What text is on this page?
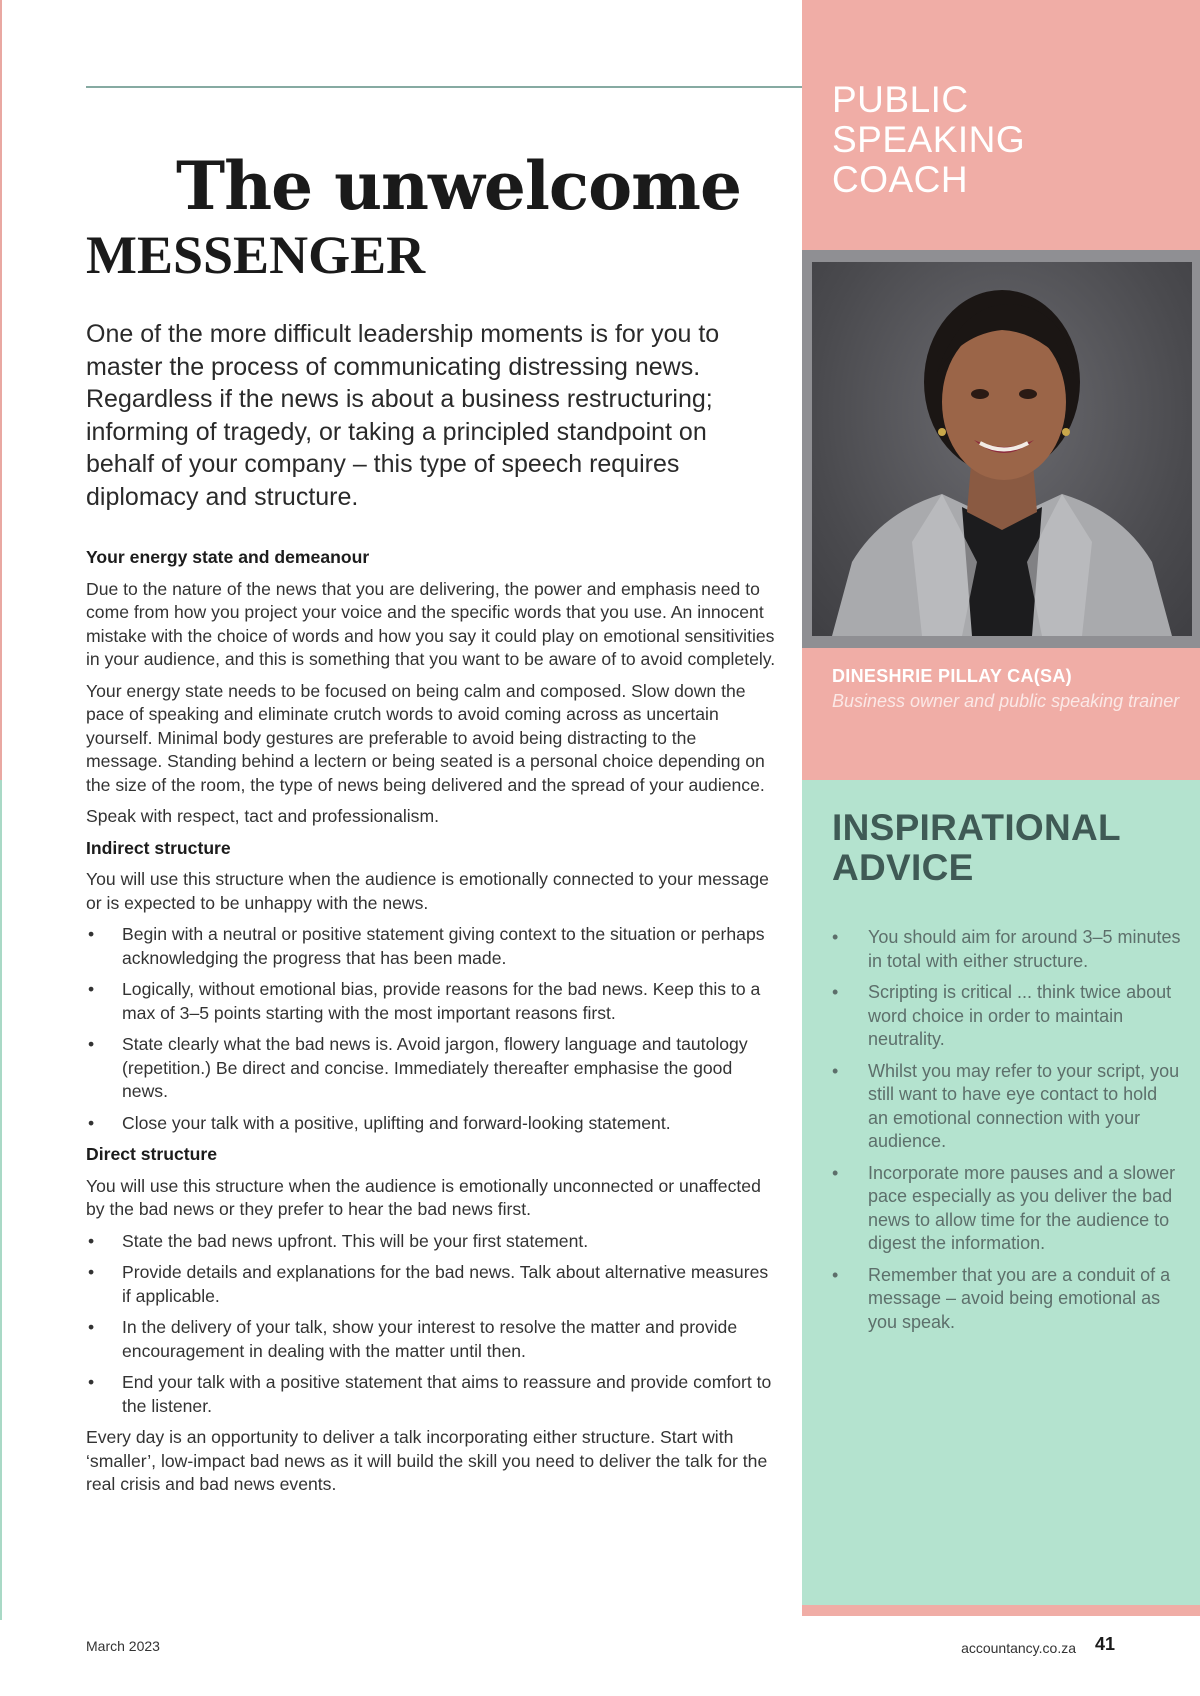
The unwelcome
MESSENGER

One of the more difficult leadership moments is for you to master the process of communicating distressing news. Regardless if the news is about a business restructuring; informing of tragedy, or taking a principled standpoint on behalf of your company – this type of speech requires diplomacy and structure.

Your energy state and demeanour

Due to the nature of the news that you are delivering, the power and emphasis need to come from how you project your voice and the specific words that you use. An innocent mistake with the choice of words and how you say it could play on emotional sensitivities in your audience, and this is something that you want to be aware of to avoid completely.

Your energy state needs to be focused on being calm and composed. Slow down the pace of speaking and eliminate crutch words to avoid coming across as uncertain yourself. Minimal body gestures are preferable to avoid being distracting to the message. Standing behind a lectern or being seated is a personal choice depending on the size of the room, the type of news being delivered and the spread of your audience.

Speak with respect, tact and professionalism.

Indirect structure

You will use this structure when the audience is emotionally connected to your message or is expected to be unhappy with the news.

• Begin with a neutral or positive statement giving context to the situation or perhaps acknowledging the progress that has been made.
• Logically, without emotional bias, provide reasons for the bad news. Keep this to a max of 3–5 points starting with the most important reasons first.
• State clearly what the bad news is. Avoid jargon, flowery language and tautology (repetition.) Be direct and concise. Immediately thereafter emphasise the good news.
• Close your talk with a positive, uplifting and forward-looking statement.
Direct structure

You will use this structure when the audience is emotionally unconnected or unaffected by the bad news or they prefer to hear the bad news first.

• State the bad news upfront. This will be your first statement.
• Provide details and explanations for the bad news. Talk about alternative measures if applicable.
• In the delivery of your talk, show your interest to resolve the matter and provide encouragement in dealing with the matter until then.
• End your talk with a positive statement that aims to reassure and provide comfort to the listener.

Every day is an opportunity to deliver a talk incorporating either structure. Start with ‘smaller’, low-impact bad news as it will build the skill you need to deliver the talk for the real crisis and bad news events.

PUBLIC SPEAKING COACH
DINESHRIE PILLAY CA(SA)
Business owner and public speaking trainer
INSPIRATIONAL ADVICE
• You should aim for around 3–5 minutes in total with either structure.
• Scripting is critical ... think twice about word choice in order to maintain neutrality.
• Whilst you may refer to your script, you still want to have eye contact to hold an emotional connection with your audience.
• Incorporate more pauses and a slower pace especially as you deliver the bad news to allow time for the audience to digest the information.
• Remember that you are a conduit of a message – avoid being emotional as you speak.
March 2023	accountancy.co.za 41
